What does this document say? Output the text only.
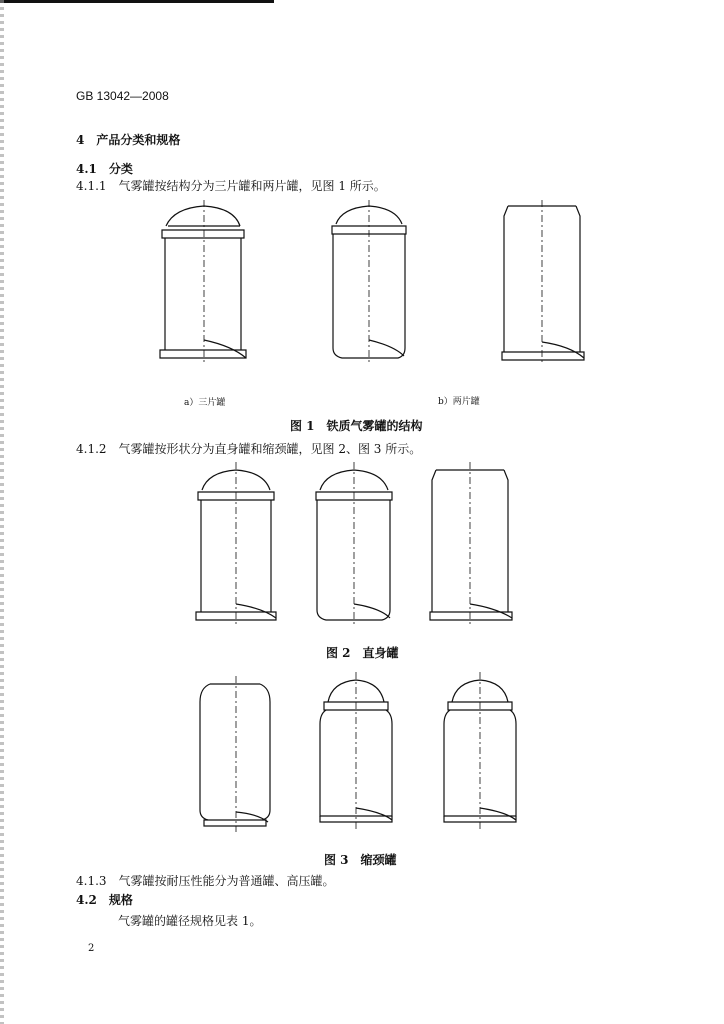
GB 13042—2008
4　产品分类和规格
4.1　分类
4.1.1　气雾罐按结构分为三片罐和两片罐，见图 1 所示。
a）三片罐	b）两片罐
图 1　铁质气雾罐的结构
4.1.2　气雾罐按形状分为直身罐和缩颈罐，见图 2、图 3 所示。
图 2　直身罐
图 3　缩颈罐
4.1.3　气雾罐按耐压性能分为普通罐、高压罐。
4.2　规格
气雾罐的罐径规格见表 1。
2
